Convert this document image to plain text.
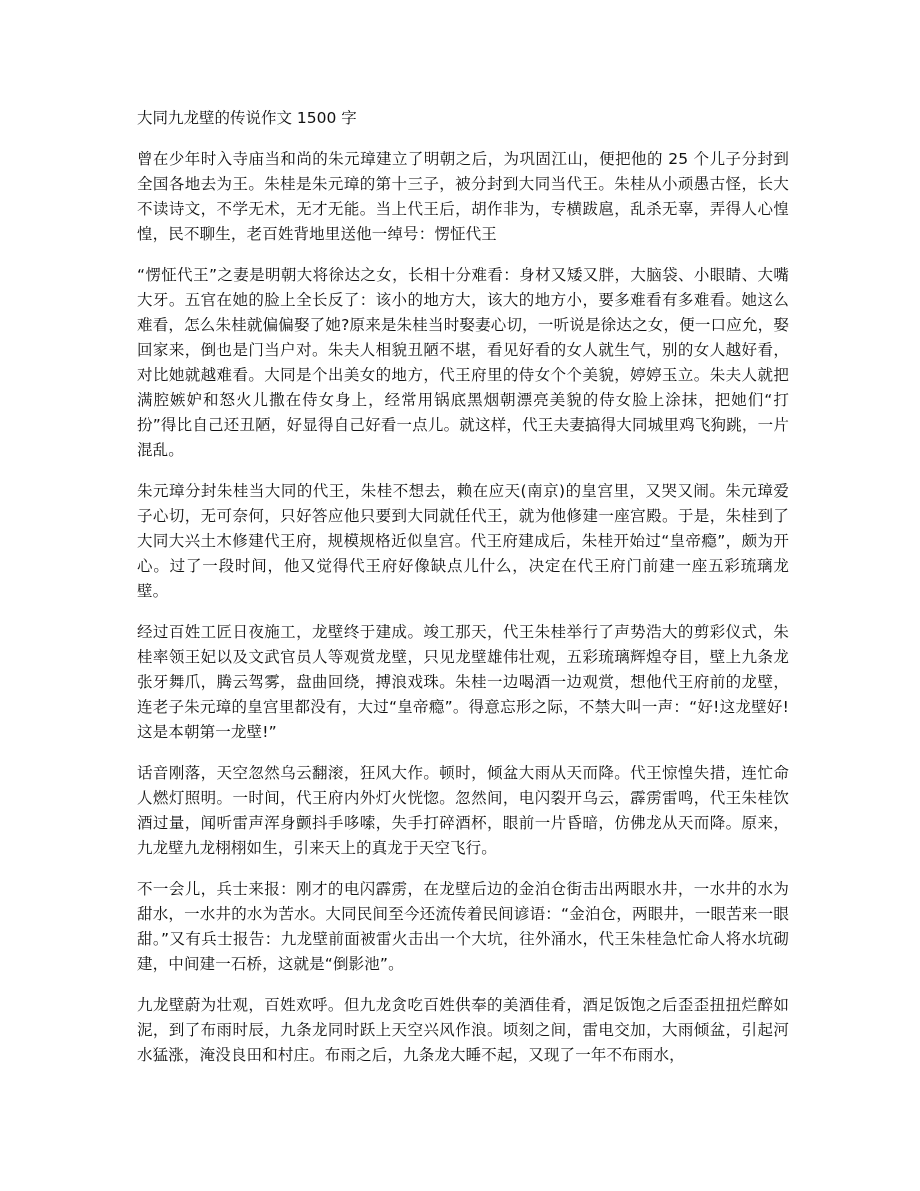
大同九龙壁的传说作文 1500 字

曾在少年时入寺庙当和尚的朱元璋建立了明朝之后，为巩固江山，便把他的 25 个儿子分封到全国各地去为王。朱桂是朱元璋的第十三子，被分封到大同当代王。朱桂从小顽愚古怪，长大不读诗文，不学无术，无才无能。当上代王后，胡作非为，专横跋扈，乱杀无辜，弄得人心惶惶，民不聊生，老百姓背地里送他一绰号：愣怔代王

“愣怔代王”之妻是明朝大将徐达之女，长相十分难看：身材又矮又胖，大脑袋、小眼睛、大嘴大牙。五官在她的脸上全长反了：该小的地方大，该大的地方小，要多难看有多难看。她这么难看，怎么朱桂就偏偏娶了她?原来是朱桂当时娶妻心切，一听说是徐达之女，便一口应允，娶回家来，倒也是门当户对。朱夫人相貌丑陋不堪，看见好看的女人就生气，别的女人越好看，对比她就越难看。大同是个出美女的地方，代王府里的侍女个个美貌，婷婷玉立。朱夫人就把满腔嫉妒和怒火儿撒在侍女身上，经常用锅底黑烟朝漂亮美貌的侍女脸上涂抹，把她们“打扮”得比自己还丑陋，好显得自己好看一点儿。就这样，代王夫妻搞得大同城里鸡飞狗跳，一片混乱。

朱元璋分封朱桂当大同的代王，朱桂不想去，赖在应天(南京)的皇宫里，又哭又闹。朱元璋爱子心切，无可奈何，只好答应他只要到大同就任代王，就为他修建一座宫殿。于是，朱桂到了大同大兴土木修建代王府，规模规格近似皇宫。代王府建成后，朱桂开始过“皇帝瘾”，颇为开心。过了一段时间，他又觉得代王府好像缺点儿什么，决定在代王府门前建一座五彩琉璃龙壁。

经过百姓工匠日夜施工，龙壁终于建成。竣工那天，代王朱桂举行了声势浩大的剪彩仪式，朱桂率领王妃以及文武官员人等观赏龙壁，只见龙壁雄伟壮观，五彩琉璃辉煌夺目，壁上九条龙张牙舞爪，腾云驾雾，盘曲回绕，搏浪戏珠。朱桂一边喝酒一边观赏，想他代王府前的龙壁，连老子朱元璋的皇宫里都没有，大过“皇帝瘾”。得意忘形之际，不禁大叫一声：“好!这龙壁好!这是本朝第一龙壁!”

话音刚落，天空忽然乌云翻滚，狂风大作。顿时，倾盆大雨从天而降。代王惊惶失措，连忙命人燃灯照明。一时间，代王府内外灯火恍惚。忽然间，电闪裂开乌云，霹雳雷鸣，代王朱桂饮酒过量，闻听雷声浑身颤抖手哆嗦，失手打碎酒杯，眼前一片昏暗，仿佛龙从天而降。原来，九龙壁九龙栩栩如生，引来天上的真龙于天空飞行。

不一会儿，兵士来报：刚才的电闪霹雳，在龙壁后边的金泊仓街击出两眼水井，一水井的水为甜水，一水井的水为苦水。大同民间至今还流传着民间谚语：“金泊仓，两眼井，一眼苦来一眼甜。”又有兵士报告：九龙壁前面被雷火击出一个大坑，往外涌水，代王朱桂急忙命人将水坑砌建，中间建一石桥，这就是“倒影池”。

九龙壁蔚为壮观，百姓欢呼。但九龙贪吃百姓供奉的美酒佳肴，酒足饭饱之后歪歪扭扭烂醉如泥，到了布雨时辰，九条龙同时跃上天空兴风作浪。顷刻之间，雷电交加，大雨倾盆，引起河水猛涨，淹没良田和村庄。布雨之后，九条龙大睡不起，又现了一年不布雨水，
